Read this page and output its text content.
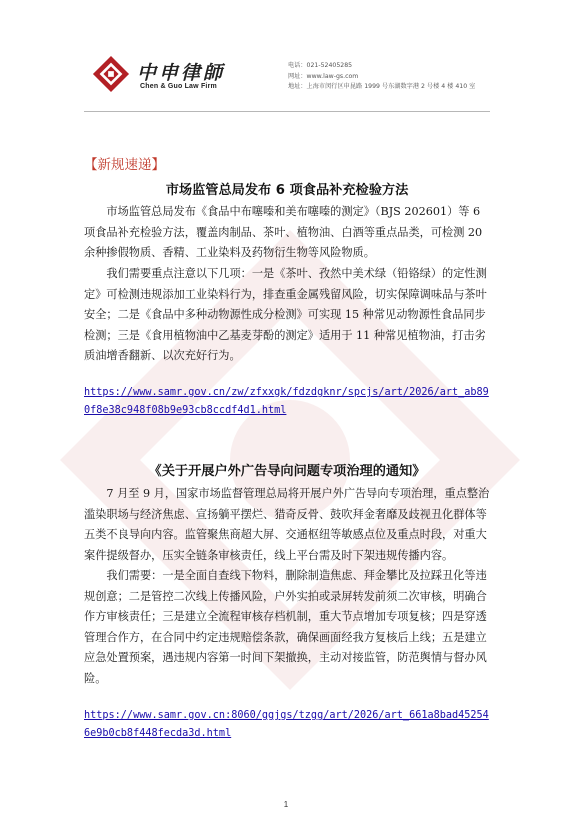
中申律師
Chen & Guo Law Firm
电话：021-52405285
网址：www.law-gs.com
地址：上海市闵行区申昆路 1999 号东湖数字港 2 号楼 4 楼 410 室
【新规速递】
市场监管总局发布 6 项食品补充检验方法
市场监管总局发布《食品中布噻嗪和美布噻嗪的测定》（BJS 202601）等 6 项食品补充检验方法，覆盖肉制品、茶叶、植物油、白酒等重点品类，可检测 20 余种掺假物质、香精、工业染料及药物衍生物等风险物质。
我们需要重点注意以下几项：一是《茶叶、孜然中美术绿（铅铬绿）的定性测定》可检测违规添加工业染料行为，排查重金属残留风险，切实保障调味品与茶叶安全；二是《食品中多种动物源性成分检测》可实现 15 种常见动物源性食品同步检测；三是《食用植物油中乙基麦芽酚的测定》适用于 11 种常见植物油，打击劣质油增香翻新、以次充好行为。
https://www.samr.gov.cn/zw/zfxxgk/fdzdgknr/spcjs/art/2026/art_ab890f8e38c948f08b9e93cb8ccdf4d1.html
《关于开展户外广告导向问题专项治理的通知》
7 月至 9 月，国家市场监督管理总局将开展户外广告导向专项治理，重点整治滥染职场与经济焦虑、宣扬躺平摆烂、猎奇反骨、鼓吹拜金奢靡及歧视丑化群体等五类不良导向内容。监管聚焦商超大屏、交通枢纽等敏感点位及重点时段，对重大案件提级督办，压实全链条审核责任，线上平台需及时下架违规传播内容。
我们需要：一是全面自查线下物料，删除制造焦虑、拜金攀比及拉踩丑化等违规创意；二是管控二次线上传播风险，户外实拍或录屏转发前须二次审核，明确合作方审核责任；三是建立全流程审核存档机制，重大节点增加专项复核；四是穿透管理合作方，在合同中约定违规赔偿条款，确保画面经我方复核后上线；五是建立应急处置预案，遇违规内容第一时间下架撤换，主动对接监管，防范舆情与督办风险。
https://www.samr.gov.cn:8060/ggjgs/tzgg/art/2026/art_661a8bad452546e9b0cb8f448fecda3d.html
1
